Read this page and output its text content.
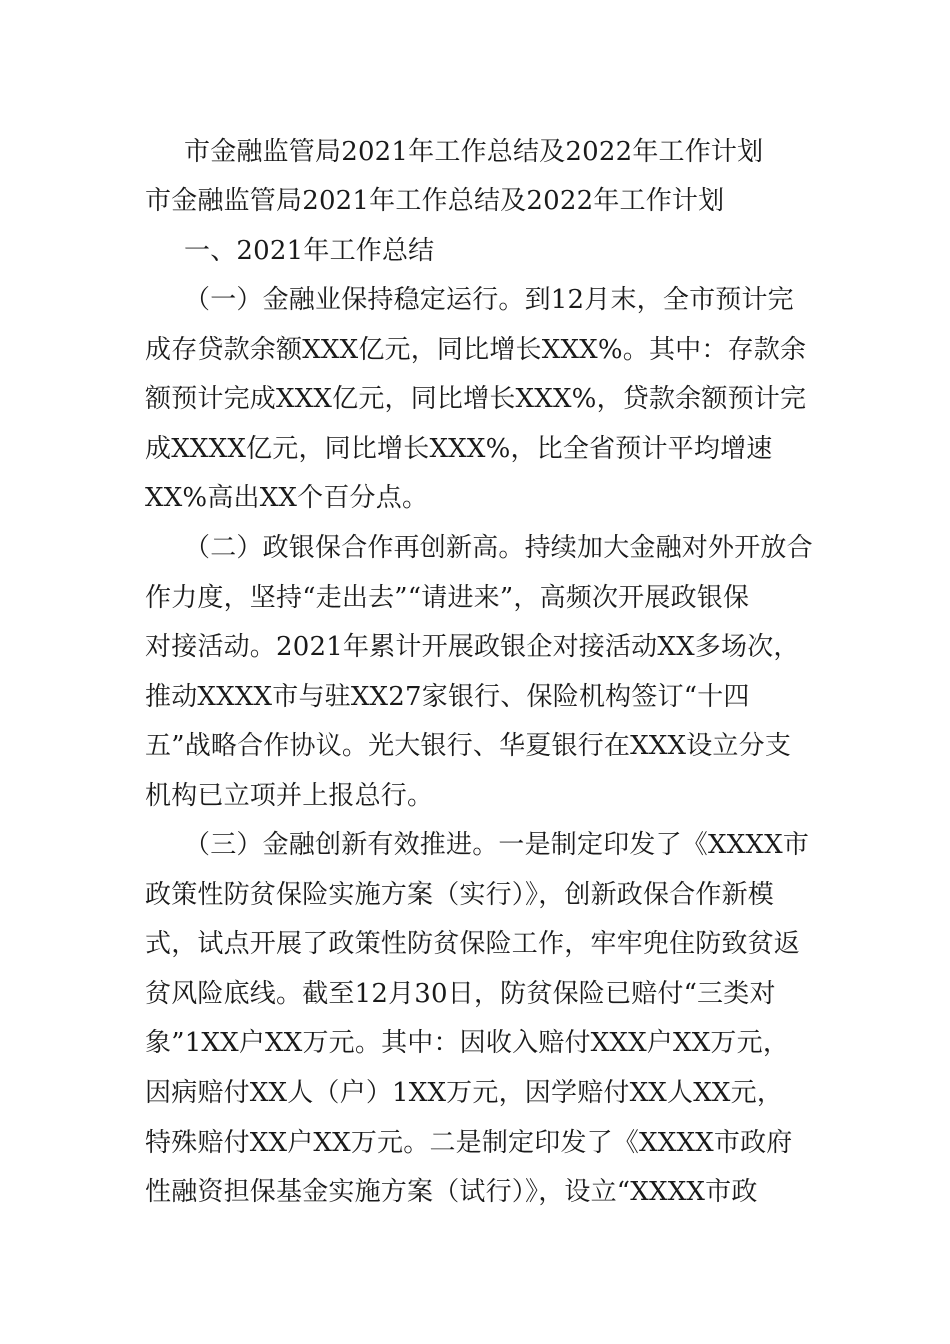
市金融监管局2021年工作总结及2022年工作计划
市金融监管局2021年工作总结及2022年工作计划
一、2021年工作总结
（一）金融业保持稳定运行。到12月末，全市预计完
成存贷款余额XXX亿元，同比增长XXX%。其中：存款余
额预计完成XXX亿元，同比增长XXX%，贷款余额预计完
成XXXX亿元，同比增长XXX%，比全省预计平均增速
XX%高出XX个百分点。
（二）政银保合作再创新高。持续加大金融对外开放合
作力度，坚持“走出去”“请进来”，高频次开展政银保
对接活动。2021年累计开展政银企对接活动XX多场次，
推动XXXX市与驻XX27家银行、保险机构签订“十四
五”战略合作协议。光大银行、华夏银行在XXX设立分支
机构已立项并上报总行。
（三）金融创新有效推进。一是制定印发了《XXXX市
政策性防贫保险实施方案（实行）》，创新政保合作新模
式，试点开展了政策性防贫保险工作，牢牢兜住防致贫返
贫风险底线。截至12月30日，防贫保险已赔付“三类对
象”1XX户XX万元。其中：因收入赔付XXX户XX万元，
因病赔付XX人（户）1XX万元，因学赔付XX人XX元，
特殊赔付XX户XX万元。二是制定印发了《XXXX市政府
性融资担保基金实施方案（试行）》，设立“XXXX市政
